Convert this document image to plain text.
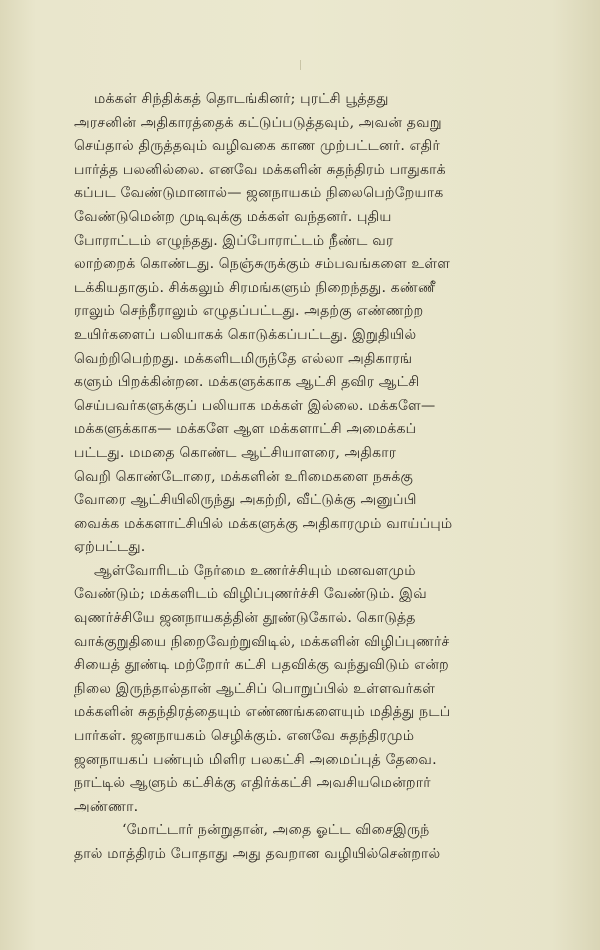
மக்கள் சிந்திக்கத் தொடங்கினர்; புரட்சி பூத்தது
அரசனின் அதிகாரத்தைக் கட்டுப்படுத்தவும், அவன் தவறு
செய்தால் திருத்தவும் வழிவகை காண முற்பட்டனர். எதிர்
பார்த்த பலனில்லை. எனவே மக்களின் சுதந்திரம் பாதுகாக்
கப்பட வேண்டுமானால்— ஜனநாயகம் நிலைபெற்றேயாக
வேண்டுமென்ற முடிவுக்கு மக்கள் வந்தனர். புதிய
போராட்டம் எழுந்தது. இப்போராட்டம் நீண்ட வர
லாற்றைக் கொண்டது. நெஞ்சுருக்கும் சம்பவங்களை உள்ள
டக்கியதாகும். சிக்கலும் சிரமங்களும் நிறைந்தது. கண்ணீ
ராலும் செந்நீராலும் எழுதப்பட்டது. அதற்கு எண்ணற்ற
உயிர்களைப் பலியாகக் கொடுக்கப்பட்டது. இறுதியில்
வெற்றிபெற்றது. மக்களிடமிருந்தே எல்லா அதிகாரங்
களும் பிறக்கின்றன. மக்களுக்காக ஆட்சி தவிர ஆட்சி
செய்பவர்களுக்குப் பலியாக மக்கள் இல்லை. மக்களே—
மக்களுக்காக— மக்களே ஆள மக்களாட்சி அமைக்கப்
பட்டது. மமதை கொண்ட ஆட்சியாளரை, அதிகார
வெறி கொண்டோரை, மக்களின் உரிமைகளை நசுக்கு
வோரை ஆட்சியிலிருந்து அகற்றி, வீட்டுக்கு அனுப்பி
வைக்க மக்களாட்சியில் மக்களுக்கு அதிகாரமும் வாய்ப்பும்
ஏற்பட்டது.
ஆள்வோரிடம் நேர்மை உணர்ச்சியும் மனவளமும்
வேண்டும்; மக்களிடம் விழிப்புணர்ச்சி வேண்டும். இவ்
வுணர்ச்சியே ஜனநாயகத்தின் தூண்டுகோல். கொடுத்த
வாக்குறுதியை நிறைவேற்றுவிடில், மக்களின் விழிப்புணர்ச்
சியைத் தூண்டி மற்றோர் கட்சி பதவிக்கு வந்துவிடும் என்ற
நிலை இருந்தால்தான் ஆட்சிப் பொறுப்பில் உள்ளவர்கள்
மக்களின் சுதந்திரத்தையும் எண்ணங்களையும் மதித்து நடப்
பார்கள். ஜனநாயகம் செழிக்கும். எனவே சுதந்திரமும்
ஜனநாயகப் பண்பும் மிளிர பலகட்சி அமைப்புத் தேவை.
நாட்டில் ஆளும் கட்சிக்கு எதிர்க்கட்சி அவசியமென்றார்
அண்ணா.
‘மோட்டார் நன்றுதான், அதை ஓட்ட விசைஇருந்
தால் மாத்திரம் போதாது அது தவறான வழியில்சென்றால்
